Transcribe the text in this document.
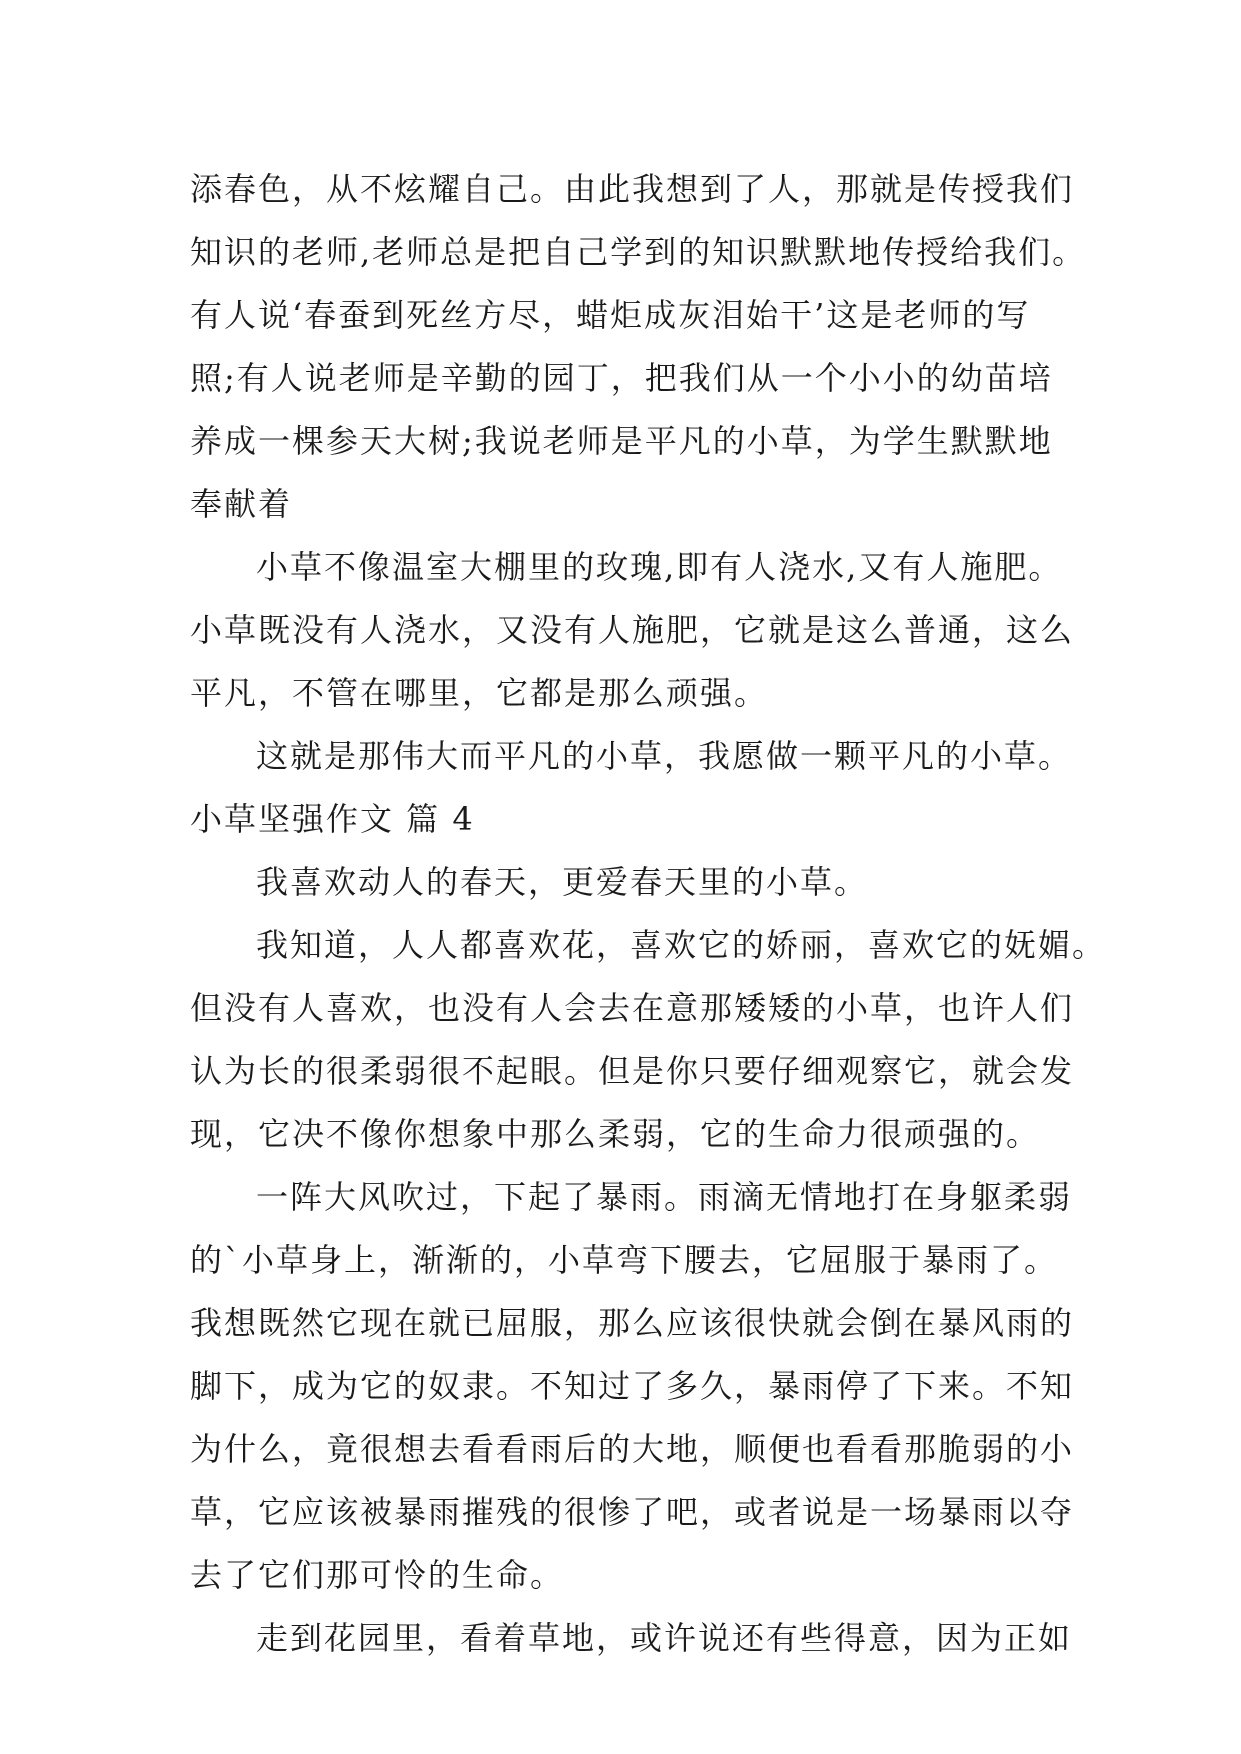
添春色，从不炫耀自己。由此我想到了人，那就是传授我们
知识的老师,老师总是把自己学到的知识默默地传授给我们。
有人说‘春蚕到死丝方尽，蜡炬成灰泪始干’这是老师的写
照;有人说老师是辛勤的园丁，把我们从一个小小的幼苗培
养成一棵参天大树;我说老师是平凡的小草，为学生默默地
奉献着
小草不像温室大棚里的玫瑰,即有人浇水,又有人施肥。
小草既没有人浇水，又没有人施肥，它就是这么普通，这么
平凡，不管在哪里，它都是那么顽强。
这就是那伟大而平凡的小草，我愿做一颗平凡的小草。
小草坚强作文 篇 4
我喜欢动人的春天，更爱春天里的小草。
我知道，人人都喜欢花，喜欢它的娇丽，喜欢它的妩媚。
但没有人喜欢，也没有人会去在意那矮矮的小草，也许人们
认为长的很柔弱很不起眼。但是你只要仔细观察它，就会发
现，它决不像你想象中那么柔弱，它的生命力很顽强的。
一阵大风吹过，下起了暴雨。雨滴无情地打在身躯柔弱
的`小草身上，渐渐的，小草弯下腰去，它屈服于暴雨了。
我想既然它现在就已屈服，那么应该很快就会倒在暴风雨的
脚下，成为它的奴隶。不知过了多久，暴雨停了下来。不知
为什么，竟很想去看看雨后的大地，顺便也看看那脆弱的小
草，它应该被暴雨摧残的很惨了吧，或者说是一场暴雨以夺
去了它们那可怜的生命。
走到花园里，看着草地，或许说还有些得意，因为正如
